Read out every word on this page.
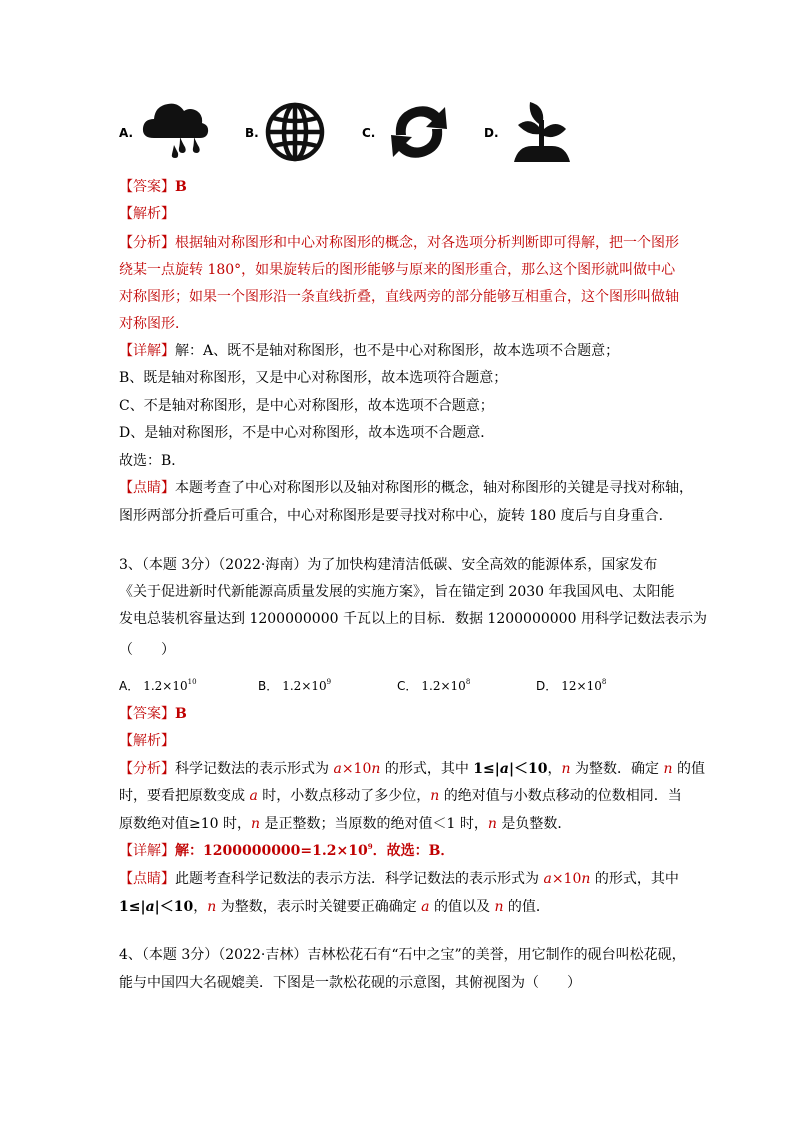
A.	B.	C.	D.
【答案】B
【解析】
【分析】根据轴对称图形和中心对称图形的概念，对各选项分析判断即可得解，把一个图形
绕某一点旋转 180°，如果旋转后的图形能够与原来的图形重合，那么这个图形就叫做中心
对称图形；如果一个图形沿一条直线折叠，直线两旁的部分能够互相重合，这个图形叫做轴
对称图形．
【详解】解：A、既不是轴对称图形，也不是中心对称图形，故本选项不合题意；
B、既是轴对称图形，又是中心对称图形，故本选项符合题意；
C、不是轴对称图形，是中心对称图形，故本选项不合题意；
D、是轴对称图形，不是中心对称图形，故本选项不合题意．
故选：B．
【点睛】本题考查了中心对称图形以及轴对称图形的概念，轴对称图形的关键是寻找对称轴，
图形两部分折叠后可重合，中心对称图形是要寻找对称中心，旋转 180 度后与自身重合．
3、（本题 3分）（2022·海南）为了加快构建清洁低碳、安全高效的能源体系，国家发布
《关于促进新时代新能源高质量发展的实施方案》，旨在锚定到 2030 年我国风电、太阳能
发电总装机容量达到 1200000000 千瓦以上的目标．数据 1200000000 用科学记数法表示为
（　　）
A． $1.2\times 10^{10}$	B． $1.2\times 10^9$	C． $1.2\times 10^8$	D． $12\times 10^8$
【答案】B
【解析】
【分析】科学记数法的表示形式为 a×10n 的形式，其中 1≤|a|＜10，n 为整数．确定 n 的值
时，要看把原数变成 a 时，小数点移动了多少位，n 的绝对值与小数点移动的位数相同．当
原数绝对值≥10 时，n 是正整数；当原数的绝对值＜1 时，n 是负整数．
【详解】解：$1200000000=1.2\times 10^9$．故选：B．
【点睛】此题考查科学记数法的表示方法．科学记数法的表示形式为 a×10n 的形式，其中
1≤|a|＜10，n 为整数，表示时关键要正确确定 a 的值以及 n 的值．
4、（本题 3分）（2022·吉林）吉林松花石有“石中之宝”的美誉，用它制作的砚台叫松花砚，
能与中国四大名砚媲美．下图是一款松花砚的示意图，其俯视图为（　　）
